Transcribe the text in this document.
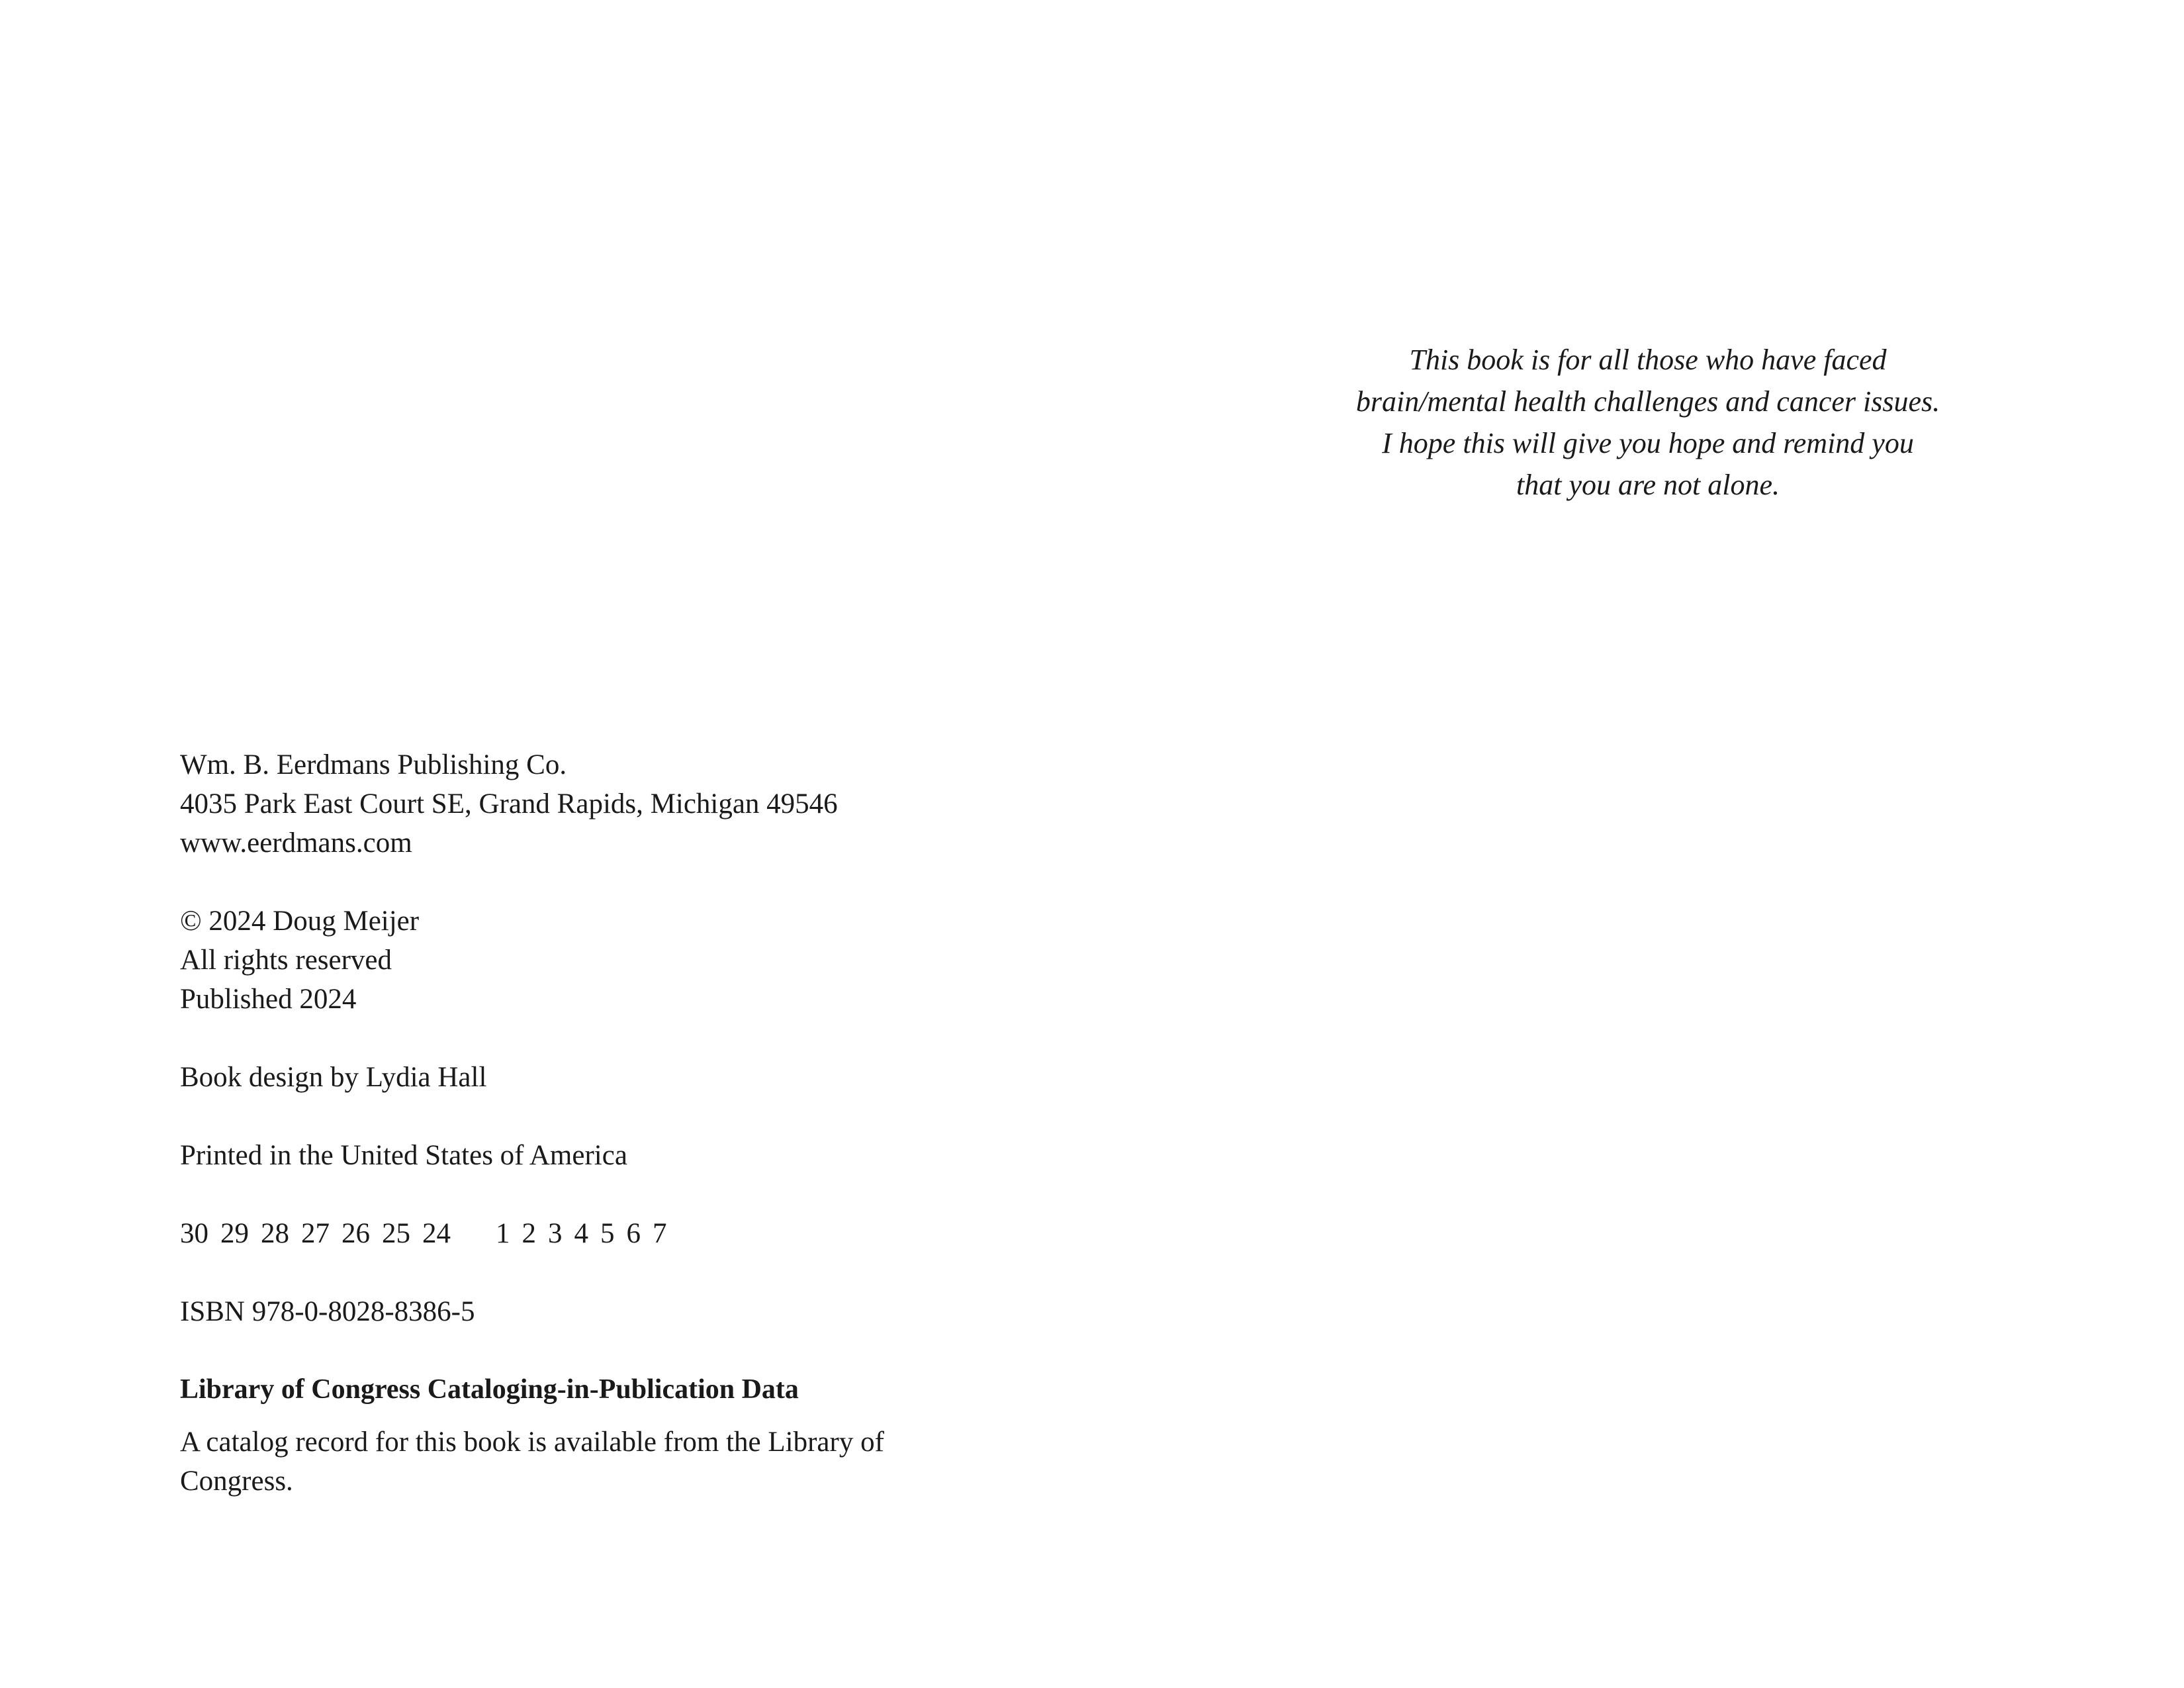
Wm. B. Eerdmans Publishing Co.
4035 Park East Court SE, Grand Rapids, Michigan 49546
www.eerdmans.com
© 2024 Doug Meijer
All rights reserved
Published 2024
Book design by Lydia Hall
Printed in the United States of America
30 29 28 27 26 25 24 1 2 3 4 5 6 7
ISBN 978-0-8028-8386-5
Library of Congress Cataloging-in-Publication Data
A catalog record for this book is available from the Library of
Congress.
This book is for all those who have faced
brain/mental health challenges and cancer issues.
I hope this will give you hope and remind you
that you are not alone.
